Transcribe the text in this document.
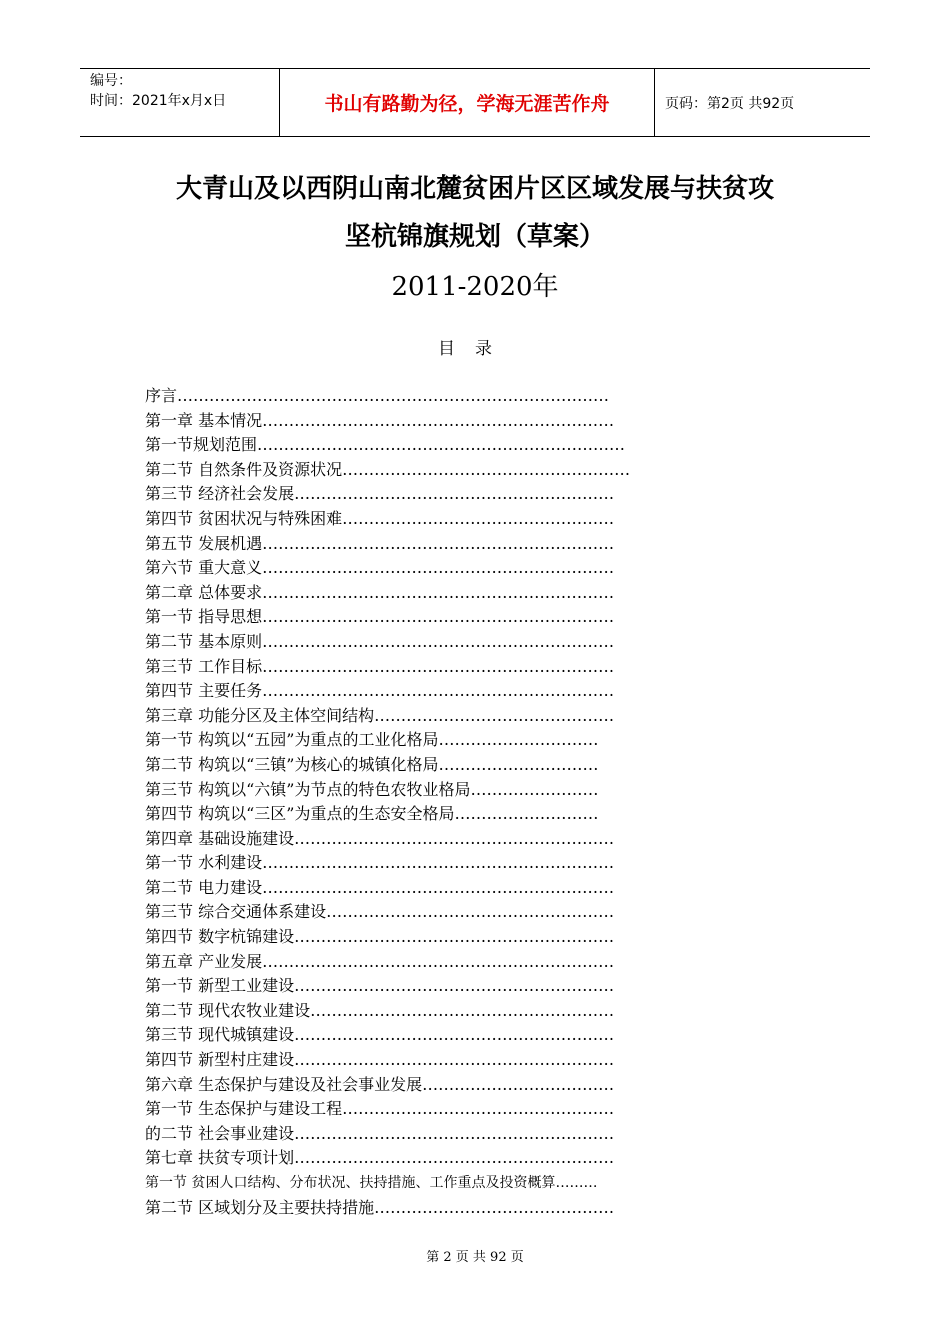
编号：
时间：2021年x月x日	书山有路勤为径，学海无涯苦作舟	页码：第2页 共92页
大青山及以西阴山南北麓贫困片区区域发展与扶贫攻
坚杭锦旗规划（草案）
2011-2020年
目录
序言………………………………………………………………………
第一章 基本情况…………………………………………………………
第一节规划范围……………………………………………………………
第二节 自然条件及资源状况………………………………………………
第三节 经济社会发展……………………………………………………
第四节 贫困状况与特殊困难……………………………………………
第五节 发展机遇…………………………………………………………
第六节 重大意义…………………………………………………………
第二章 总体要求…………………………………………………………
第一节 指导思想…………………………………………………………
第二节 基本原则…………………………………………………………
第三节 工作目标…………………………………………………………
第四节 主要任务…………………………………………………………
第三章 功能分区及主体空间结构………………………………………
第一节 构筑以“五园”为重点的工业化格局…………………………
第二节 构筑以“三镇”为核心的城镇化格局…………………………
第三节 构筑以“六镇”为节点的特色农牧业格局……………………
第四节 构筑以“三区”为重点的生态安全格局………………………
第四章 基础设施建设……………………………………………………
第一节 水利建设…………………………………………………………
第二节 电力建设…………………………………………………………
第三节 综合交通体系建设………………………………………………
第四节 数字杭锦建设……………………………………………………
第五章 产业发展…………………………………………………………
第一节 新型工业建设……………………………………………………
第二节 现代农牧业建设…………………………………………………
第三节 现代城镇建设……………………………………………………
第四节 新型村庄建设……………………………………………………
第六章 生态保护与建设及社会事业发展………………………………
第一节 生态保护与建设工程……………………………………………
的二节 社会事业建设……………………………………………………
第七章 扶贫专项计划……………………………………………………
第一节 贫困人口结构、分布状况、扶持措施、工作重点及投资概算………
第二节 区域划分及主要扶持措施………………………………………
第 2 页 共 92 页
